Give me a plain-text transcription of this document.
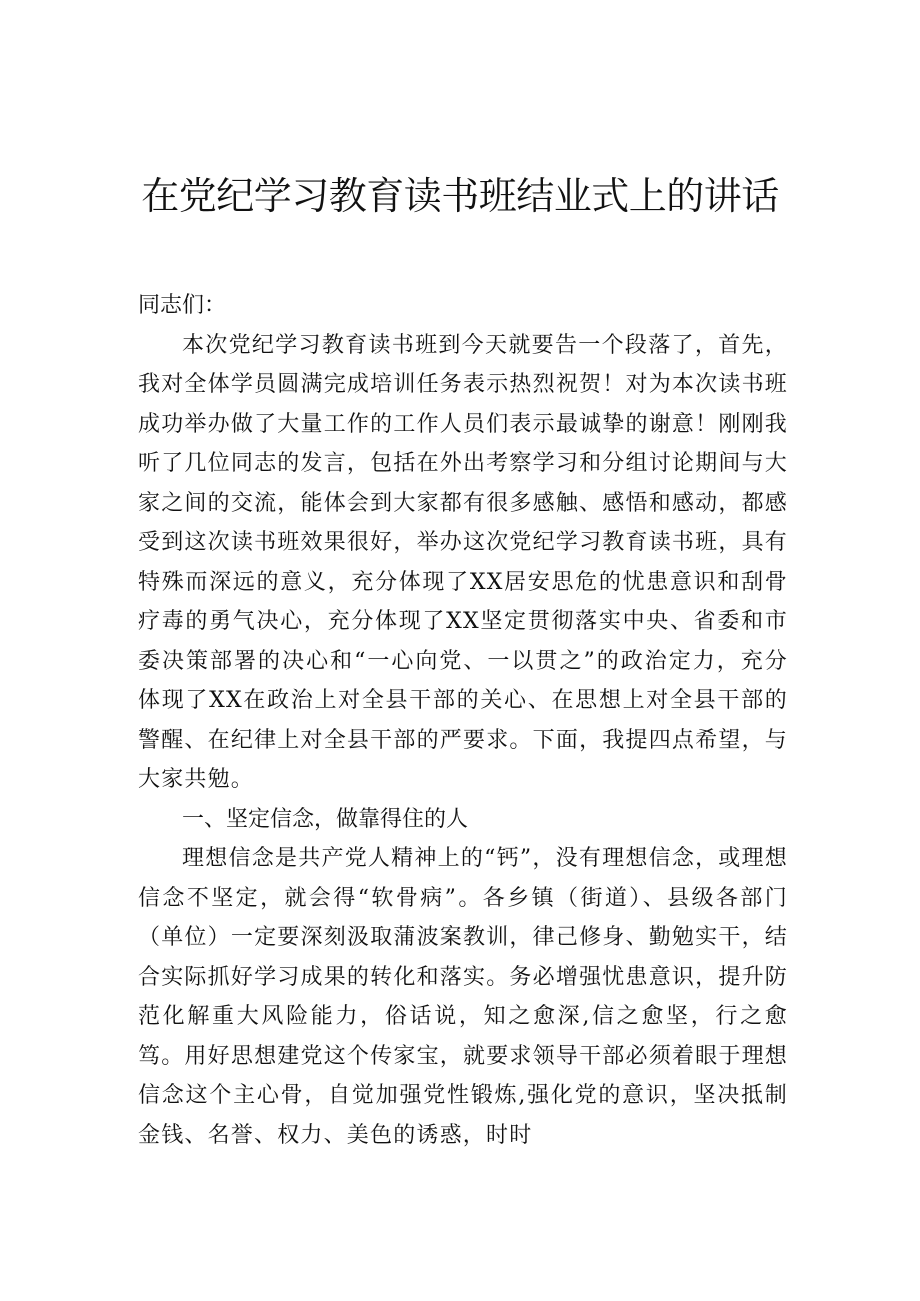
在党纪学习教育读书班结业式上的讲话

同志们：

本次党纪学习教育读书班到今天就要告一个段落了，首先，我对全体学员圆满完成培训任务表示热烈祝贺！对为本次读书班成功举办做了大量工作的工作人员们表示最诚挚的谢意！刚刚我听了几位同志的发言，包括在外出考察学习和分组讨论期间与大家之间的交流，能体会到大家都有很多感触、感悟和感动，都感受到这次读书班效果很好，举办这次党纪学习教育读书班，具有特殊而深远的意义，充分体现了XX居安思危的忧患意识和刮骨疗毒的勇气决心，充分体现了XX坚定贯彻落实中央、省委和市委决策部署的决心和“一心向党、一以贯之”的政治定力，充分体现了XX在政治上对全县干部的关心、在思想上对全县干部的警醒、在纪律上对全县干部的严要求。下面，我提四点希望，与大家共勉。

一、坚定信念，做靠得住的人

理想信念是共产党人精神上的“钙”，没有理想信念，或理想信念不坚定，就会得“软骨病”。各乡镇（街道）、县级各部门（单位）一定要深刻汲取蒲波案教训，律己修身、勤勉实干，结合实际抓好学习成果的转化和落实。务必增强忧患意识，提升防范化解重大风险能力，俗话说，知之愈深,信之愈坚，行之愈笃。用好思想建党这个传家宝，就要求领导干部必须着眼于理想信念这个主心骨，自觉加强党性锻炼,强化党的意识，坚决抵制金钱、名誉、权力、美色的诱惑，时时
